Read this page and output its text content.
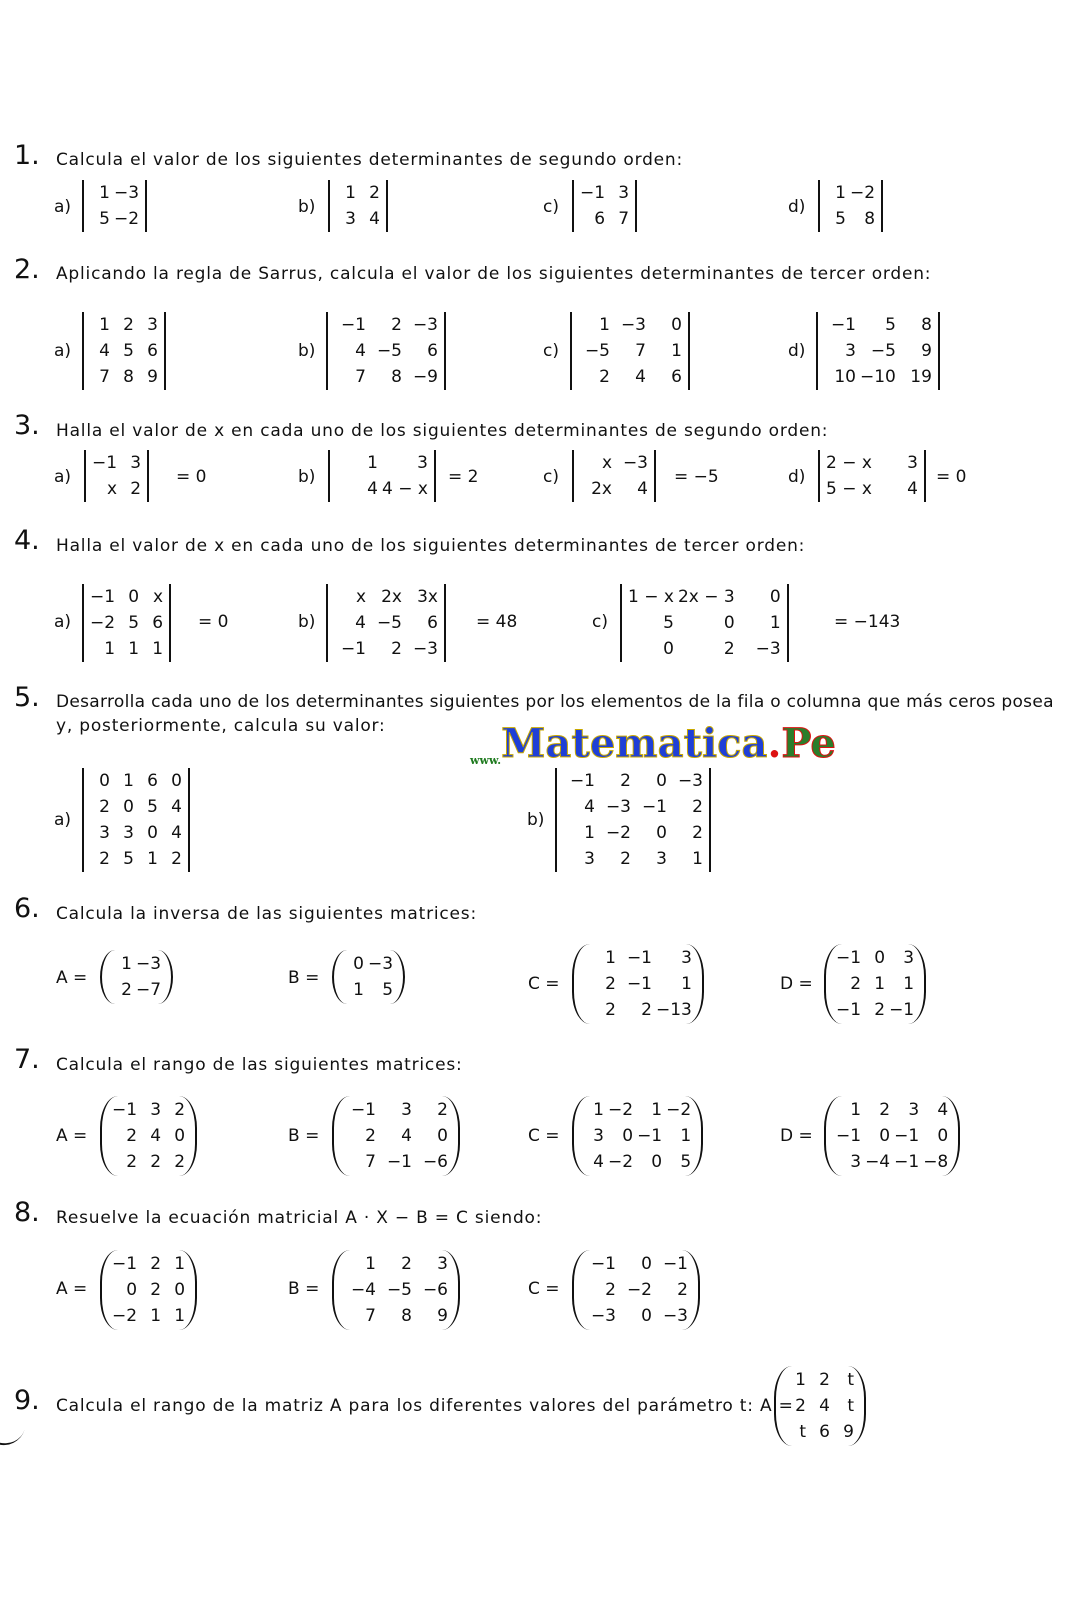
www.Matematica.Pe
1. Calcula el valor de los siguientes determinantes de segundo orden:
a)
1 −3
5 −2
b)
1 2
3 4
c)
−1 3
6 7
d)
1 −2
5	8
2. Aplicando la regla de Sarrus, calcula el valor de los siguientes determinantes de tercer orden:
a)
1 2 3
4 5 6
7 8 9
b)
−1	2 −3
4 −5	6
7	8 −9
c)
1 −3	0
−5	7	1
2	4	6
d)
−1	5	8
3 −5	9
10 −10 19
3. Halla el valor de x en cada uno de los siguientes determinantes de segundo orden:
a)
−1 3
x 2
= 0	b)
1	3
4 4 − x
= 2	c)
x −3
2x	4
= −5	d)
2 − x	3
5 − x	4
= 0
4. Halla el valor de x en cada uno de los siguientes determinantes de tercer orden:
a)
−1 0 x
−2 5 6
1 1 1
= 0	b)
x 2x 3x
4 −5	6
−1	2 −3
= 48	c)
1 − x 2x − 3	0
5	0	1
0	2	−3
= −143
5. Desarrolla cada uno de los determinantes siguientes por los elementos de la fila o columna que más ceros posea
y, posteriormente, calcula su valor:
a)
0 1 6 0
2 0 5 4
3 3 0 4
2 5 1 2
b)
−1	2	0 −3
4 −3 −1	2
1 −2	0	2
3	2	3	1
6. Calcula la inversa de las siguientes matrices:
A =
1 −3
2 −7
B =
0 −3
1	5	C =
1 −1	3
2 −1	1
2	2 −13
D =
−1 0	3
2 1	1
−1 2 −1
7. Calcula el rango de las siguientes matrices:
A =
−1 3 2
2 4 0
2 2 2
B =
−1	3	2
2	4	0
7 −1 −6
C =
1 −2	1 −2
3	0 −1	1
4 −2	0	5
D =
1	2	3	4
−1	0 −1	0
3 −4 −1 −8
8. Resuelve la ecuación matricial A · X − B = C siendo:
A =
−1 2 1
0 2 0
−2 1 1
B =
1	2	3
−4 −5 −6
7	8	9
C =
−1	0 −1
2 −2	2
−3	0 −3
9. Calcula el rango de la matriz A para los diferentes valores del parámetro t: A =
1 2	t
2 4	t
t 6 9
